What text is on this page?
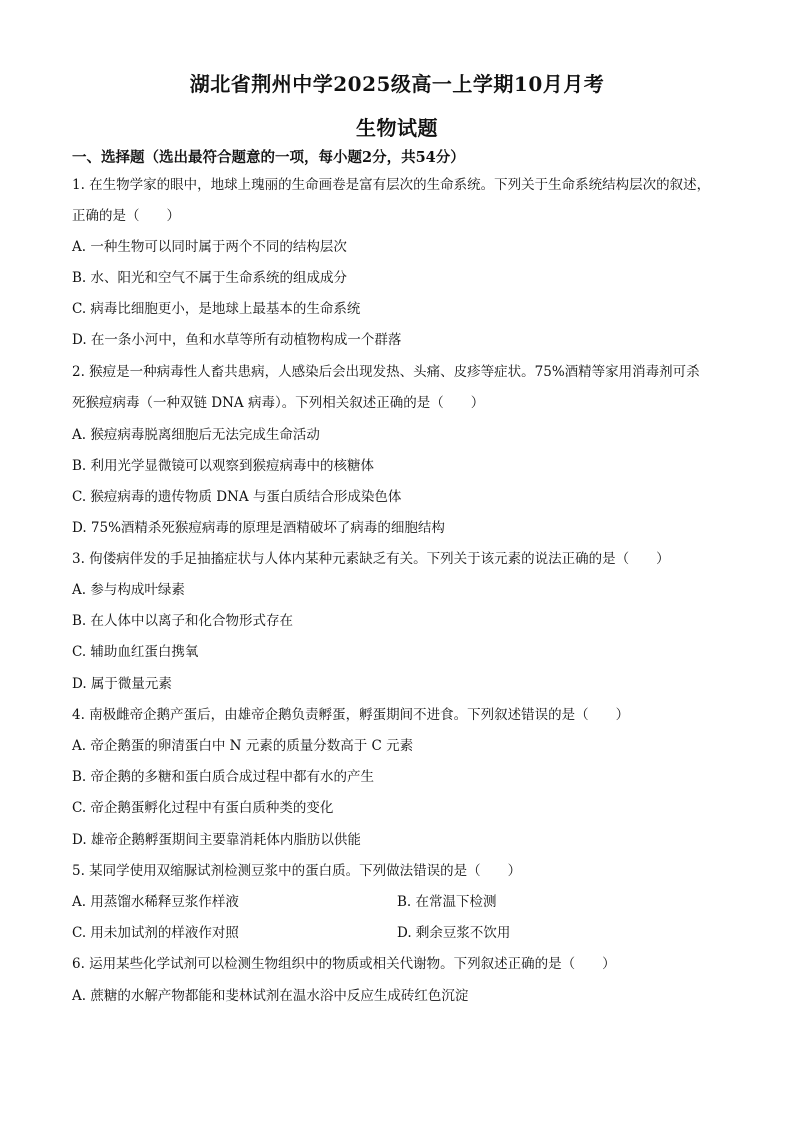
湖北省荆州中学2025级高一上学期10月月考
生物试题
一、选择题（选出最符合题意的一项，每小题2分，共54分）
1. 在生物学家的眼中，地球上瑰丽的生命画卷是富有层次的生命系统。下列关于生命系统结构层次的叙述，
正确的是（　　）
A. 一种生物可以同时属于两个不同的结构层次
B. 水、阳光和空气不属于生命系统的组成成分
C. 病毒比细胞更小，是地球上最基本的生命系统
D. 在一条小河中，鱼和水草等所有动植物构成一个群落
2. 猴痘是一种病毒性人畜共患病，人感染后会出现发热、头痛、皮疹等症状。75%酒精等家用消毒剂可杀
死猴痘病毒（一种双链 DNA 病毒）。下列相关叙述正确的是（　　）
A. 猴痘病毒脱离细胞后无法完成生命活动
B. 利用光学显微镜可以观察到猴痘病毒中的核糖体
C. 猴痘病毒的遗传物质 DNA 与蛋白质结合形成染色体
D. 75%酒精杀死猴痘病毒的原理是酒精破坏了病毒的细胞结构
3. 佝偻病伴发的手足抽搐症状与人体内某种元素缺乏有关。下列关于该元素的说法正确的是（　　）
A. 参与构成叶绿素
B. 在人体中以离子和化合物形式存在
C. 辅助血红蛋白携氧
D. 属于微量元素
4. 南极雌帝企鹅产蛋后，由雄帝企鹅负责孵蛋，孵蛋期间不进食。下列叙述错误的是（　　）
A. 帝企鹅蛋的卵清蛋白中 N 元素的质量分数高于 C 元素
B. 帝企鹅的多糖和蛋白质合成过程中都有水的产生
C. 帝企鹅蛋孵化过程中有蛋白质种类的变化
D. 雄帝企鹅孵蛋期间主要靠消耗体内脂肪以供能
5. 某同学使用双缩脲试剂检测豆浆中的蛋白质。下列做法错误的是（　　）
A. 用蒸馏水稀释豆浆作样液	B. 在常温下检测
C. 用未加试剂的样液作对照	D. 剩余豆浆不饮用
6. 运用某些化学试剂可以检测生物组织中的物质或相关代谢物。下列叙述正确的是（　　）
A. 蔗糖的水解产物都能和斐林试剂在温水浴中反应生成砖红色沉淀
